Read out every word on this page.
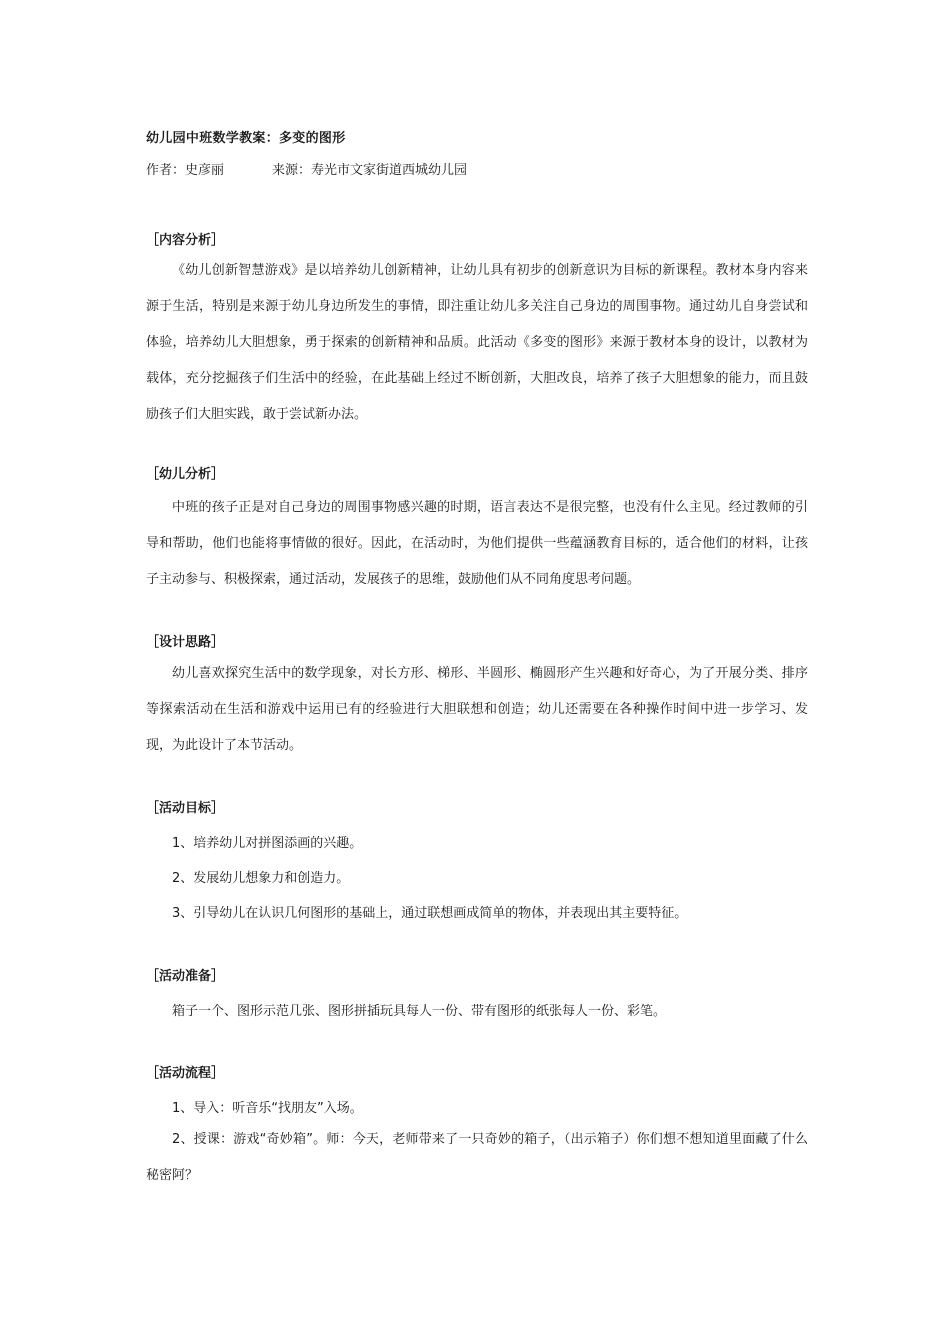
幼儿园中班数学教案：多变的图形
作者：史彦丽	来源：寿光市文家街道西城幼儿园
［内容分析］

《幼儿创新智慧游戏》是以培养幼儿创新精神，让幼儿具有初步的创新意识为目标的新课程。教材本身内容来源于生活，特别是来源于幼儿身边所发生的事情，即注重让幼儿多关注自己身边的周围事物。通过幼儿自身尝试和体验，培养幼儿大胆想象，勇于探索的创新精神和品质。此活动《多变的图形》来源于教材本身的设计，以教材为载体，充分挖掘孩子们生活中的经验，在此基础上经过不断创新，大胆改良，培养了孩子大胆想象的能力，而且鼓励孩子们大胆实践，敢于尝试新办法。

［幼儿分析］

中班的孩子正是对自己身边的周围事物感兴趣的时期，语言表达不是很完整，也没有什么主见。经过教师的引导和帮助，他们也能将事情做的很好。因此，在活动时，为他们提供一些蕴涵教育目标的，适合他们的材料，让孩子主动参与、积极探索，通过活动，发展孩子的思维，鼓励他们从不同角度思考问题。

［设计思路］

幼儿喜欢探究生活中的数学现象，对长方形、梯形、半圆形、椭圆形产生兴趣和好奇心，为了开展分类、排序等探索活动在生活和游戏中运用已有的经验进行大胆联想和创造；幼儿还需要在各种操作时间中进一步学习、发现，为此设计了本节活动。

［活动目标］
1、培养幼儿对拼图添画的兴趣。
2、发展幼儿想象力和创造力。
3、引导幼儿在认识几何图形的基础上，通过联想画成简单的物体，并表现出其主要特征。
［活动准备］
箱子一个、图形示范几张、图形拼插玩具每人一份、带有图形的纸张每人一份、彩笔。
［活动流程］
1、导入：听音乐“找朋友”入场。

2、授课：游戏“奇妙箱”。师：今天，老师带来了一只奇妙的箱子，（出示箱子）你们想不想知道里面藏了什么秘密阿？
